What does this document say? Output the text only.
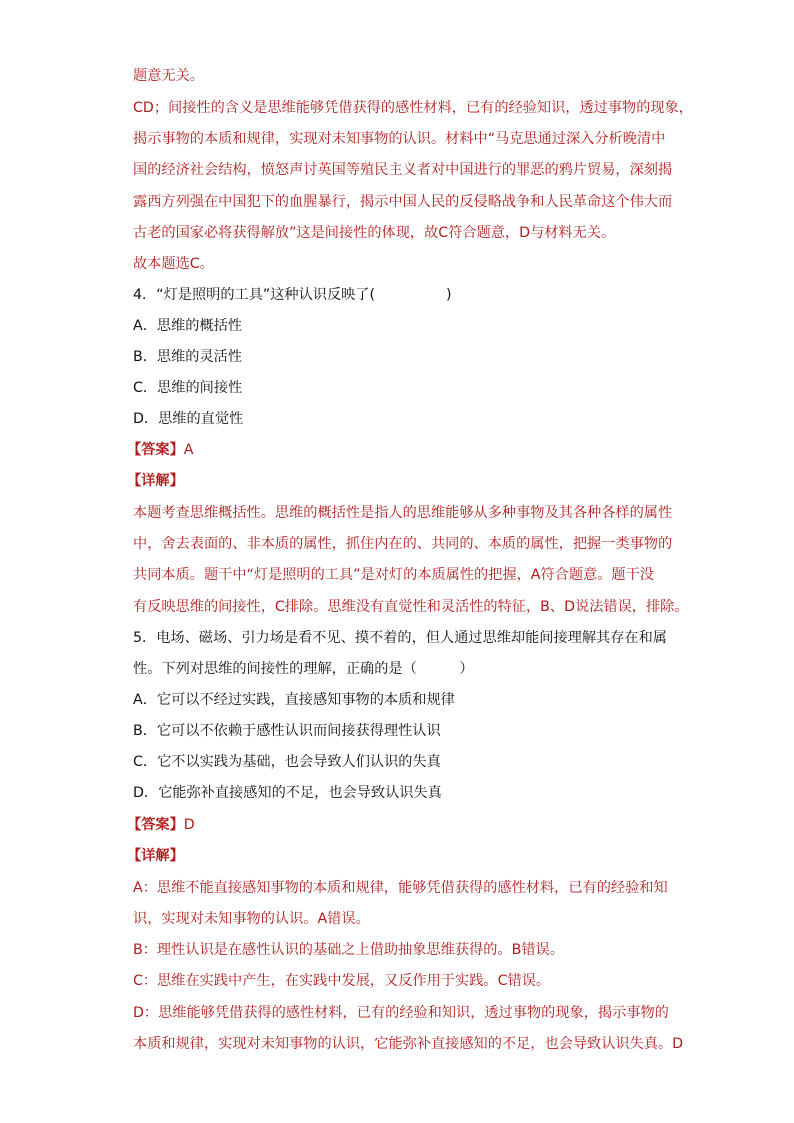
题意无关。
CD；间接性的含义是思维能够凭借获得的感性材料，已有的经验知识，透过事物的现象，
揭示事物的本质和规律，实现对未知事物的认识。材料中“马克思通过深入分析晚清中
国的经济社会结构，愤怒声讨英国等殖民主义者对中国进行的罪恶的鸦片贸易，深刻揭
露西方列强在中国犯下的血腥暴行，揭示中国人民的反侵略战争和人民革命这个伟大而
古老的国家必将获得解放”这是间接性的体现，故C符合题意，D与材料无关。
故本题选C。
4．“灯是照明的工具”这种认识反映了(　　　　　)
A．思维的概括性
B．思维的灵活性
C．思维的间接性
D．思维的直觉性
【答案】A
【详解】
本题考查思维概括性。思维的概括性是指人的思维能够从多种事物及其各种各样的属性
中，舍去表面的、非本质的属性，抓住内在的、共同的、本质的属性，把握一类事物的
共同本质。题干中“灯是照明的工具”是对灯的本质属性的把握，A符合题意。题干没
有反映思维的间接性，C排除。思维没有直觉性和灵活性的特征，B、D说法错误，排除。
5．电场、磁场、引力场是看不见、摸不着的，但人通过思维却能间接理解其存在和属
性。下列对思维的间接性的理解，正确的是（　　　）
A．它可以不经过实践，直接感知事物的本质和规律
B．它可以不依赖于感性认识而间接获得理性认识
C．它不以实践为基础，也会导致人们认识的失真
D．它能弥补直接感知的不足，也会导致认识失真
【答案】D
【详解】
A：思维不能直接感知事物的本质和规律，能够凭借获得的感性材料，已有的经验和知
识，实现对未知事物的认识。A错误。
B：理性认识是在感性认识的基础之上借助抽象思维获得的。B错误。
C：思维在实践中产生，在实践中发展，又反作用于实践。C错误。
D：思维能够凭借获得的感性材料，已有的经验和知识，透过事物的现象，揭示事物的
本质和规律，实现对未知事物的认识，它能弥补直接感知的不足，也会导致认识失真。D
